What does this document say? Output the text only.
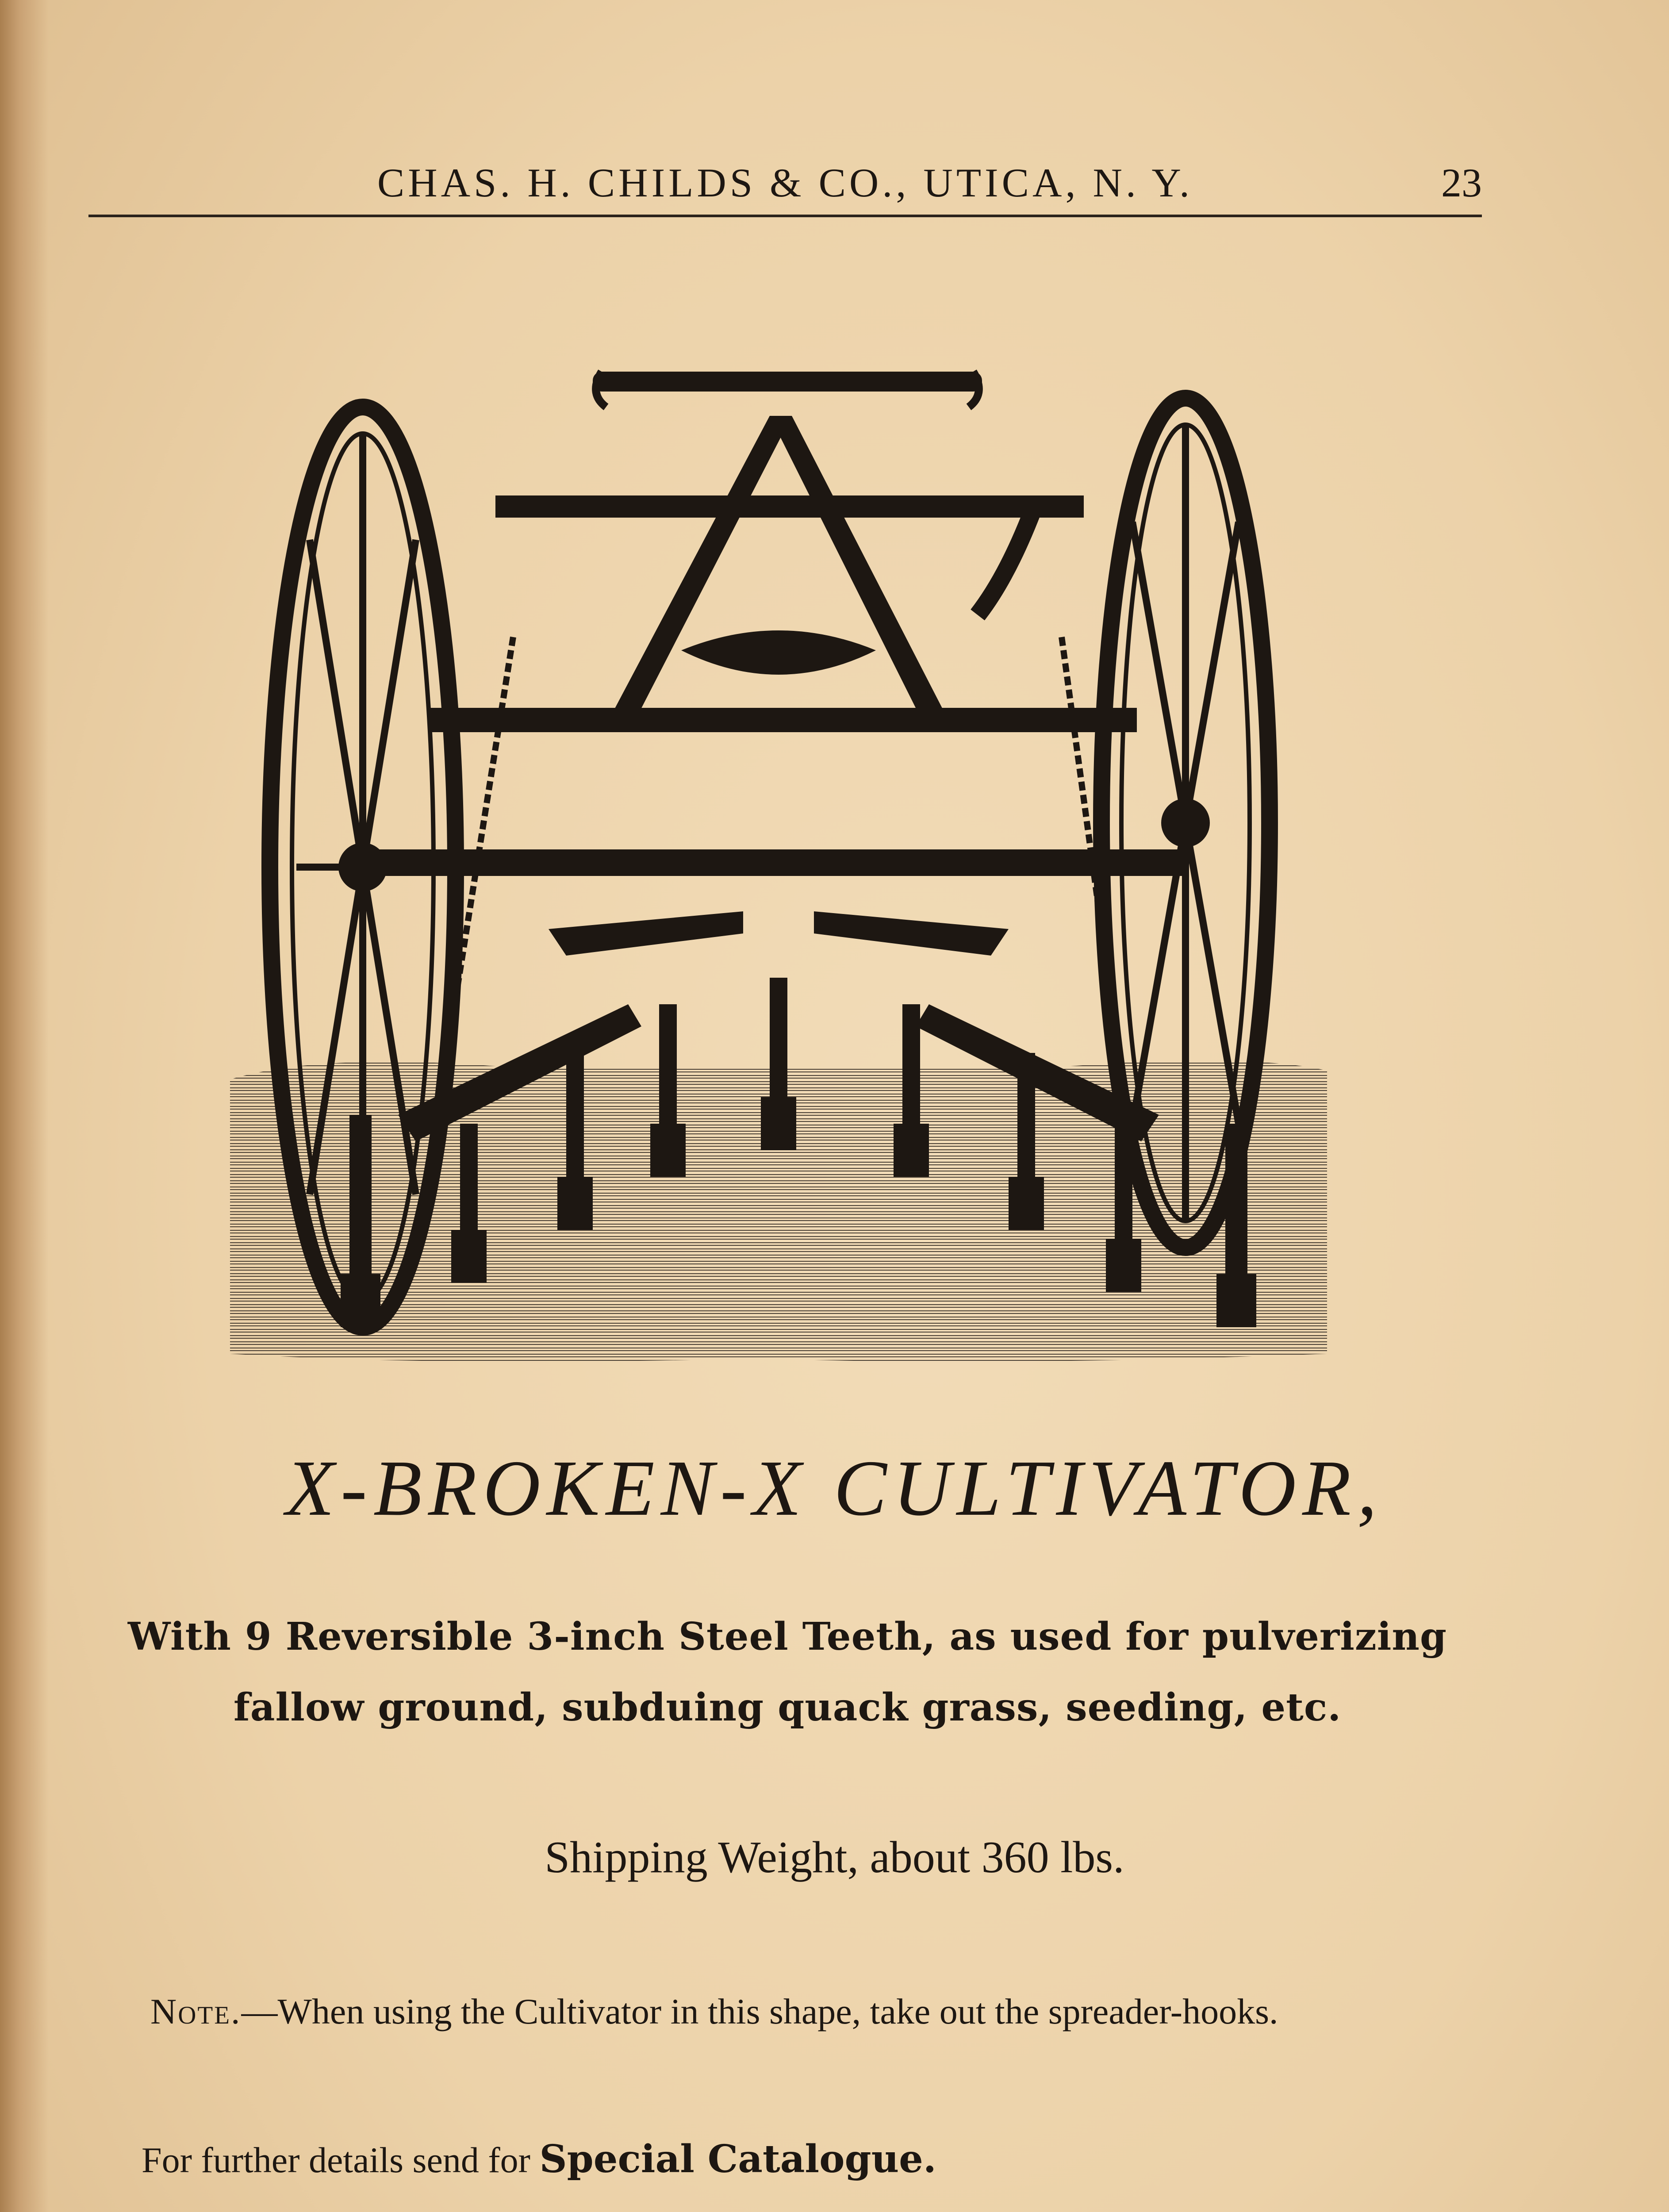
CHAS. H. CHILDS & CO., UTICA, N. Y.	23
X-BROKEN-X CULTIVATOR,
With 9 Reversible 3-inch Steel Teeth, as used for pulverizing
fallow ground, subduing quack grass, seeding, etc.
Shipping Weight, about 360 lbs.
Note.—When using the Cultivator in this shape, take out the spreader-hooks.
For further details send for Special Catalogue.
